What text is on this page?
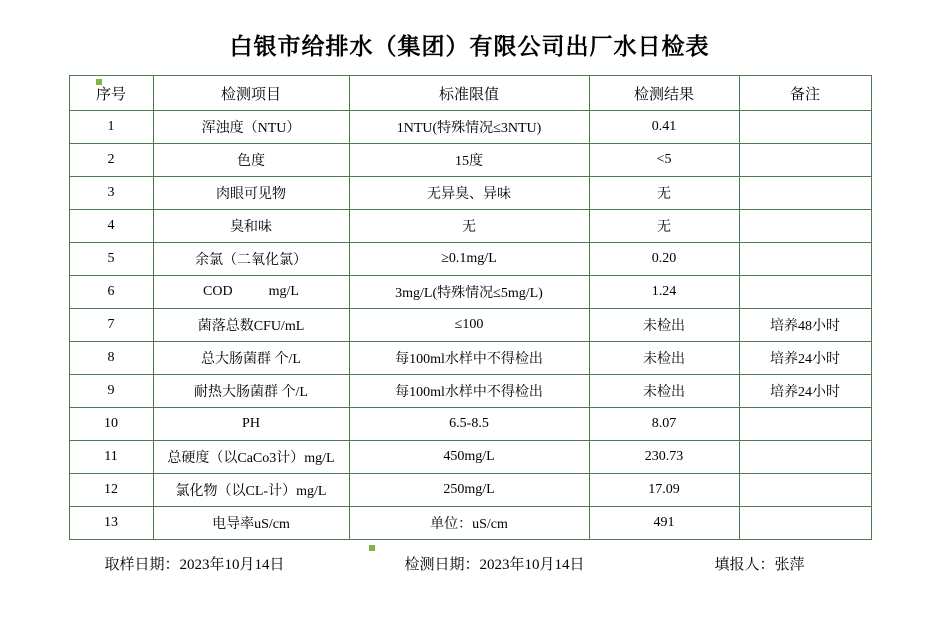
白银市给排水（集团）有限公司出厂水日检表
序号	检测项目	标准限值	检测结果	备注
1	浑浊度（NTU）	1NTU(特殊情况≤3NTU)	0.41	
2	色度	15度	<5	
3	肉眼可见物	无异臭、异味	无	
4	臭和味	无	无	
5	余氯（二氧化氯）	≥0.1mg/L	0.20	
6	COD mg/L	3mg/L(特殊情况≤5mg/L)	1.24	
7	菌落总数CFU/mL	≤100	未检出	培养48小时
8	总大肠菌群 个/L	每100ml水样中不得检出	未检出	培养24小时
9	耐热大肠菌群 个/L	每100ml水样中不得检出	未检出	培养24小时
10	PH	6.5-8.5	8.07	
11	总硬度（以CaCo3计）mg/L	450mg/L	230.73	
12	氯化物（以CL-计）mg/L	250mg/L	17.09	
13	电导率uS/cm	单位：uS/cm	491	
取样日期：2023年10月14日	检测日期：2023年10月14日	填报人：张萍
